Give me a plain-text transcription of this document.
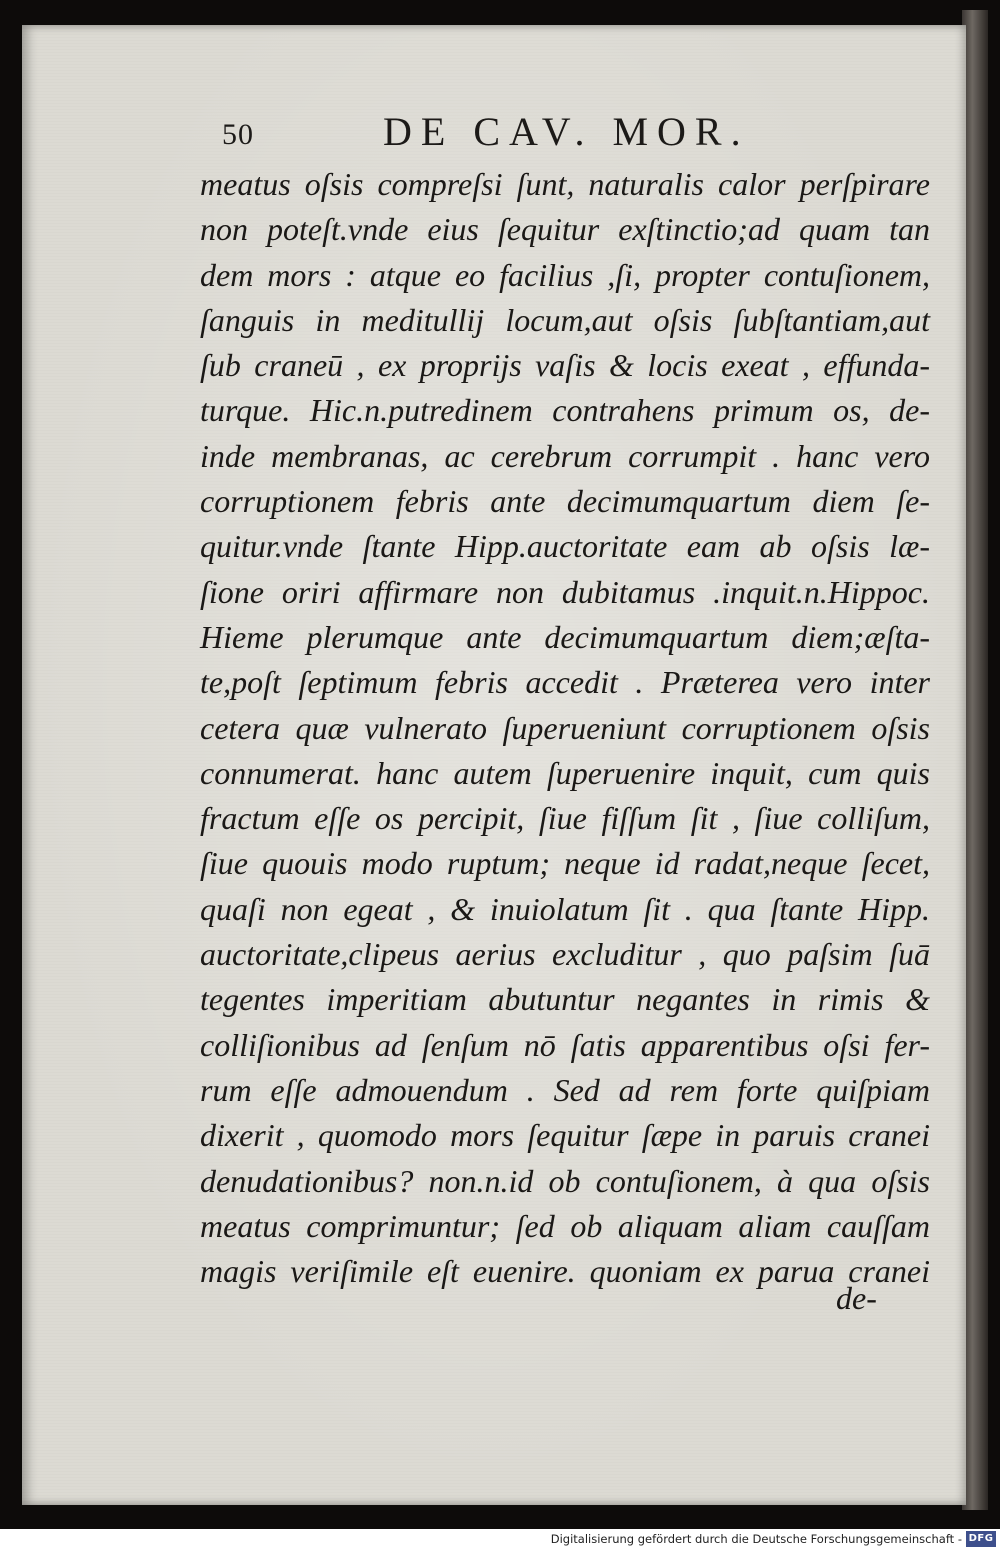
50	DE CAV. MOR.
meatus oſsis compreſsi ſunt, naturalis calor perſpirare
non poteſt.vnde eius ſequitur exſtinctio;ad quam tan
dem mors : atque eo facilius ,ſi, propter contuſionem,
ſanguis in meditullij locum,aut oſsis ſubſtantiam,aut
ſub craneū , ex proprijs vaſis & locis exeat , effunda-
turque. Hic.n.putredinem contrahens primum os, de-
inde membranas, ac cerebrum corrumpit . hanc vero
corruptionem febris ante decimumquartum diem ſe-
quitur.vnde ſtante Hipp.auctoritate eam ab oſsis læ-
ſione oriri affirmare non dubitamus .inquit.n.Hippoc.
Hieme plerumque ante decimumquartum diem;æſta-
te,poſt ſeptimum febris accedit . Præterea vero inter
cetera quæ vulnerato ſuperueniunt corruptionem oſsis
connumerat. hanc autem ſuperuenire inquit, cum quis
fractum eſſe os percipit, ſiue fiſſum ſit , ſiue colliſum,
ſiue quouis modo ruptum; neque id radat,neque ſecet,
quaſi non egeat , & inuiolatum ſit . qua ſtante Hipp.
auctoritate,clipeus aerius excluditur , quo paſsim ſuā
tegentes imperitiam abutuntur negantes in rimis &
colliſionibus ad ſenſum nō ſatis apparentibus oſsi fer-
rum eſſe admouendum . Sed ad rem forte quiſpiam
dixerit , quomodo mors ſequitur ſæpe in paruis cranei
denudationibus? non.n.id ob contuſionem, à qua oſsis
meatus comprimuntur; ſed ob aliquam aliam cauſſam
magis veriſimile eſt euenire. quoniam ex parua cranei
de-
Digitalisierung gefördert durch die Deutsche Forschungsgemeinschaft - DFG
